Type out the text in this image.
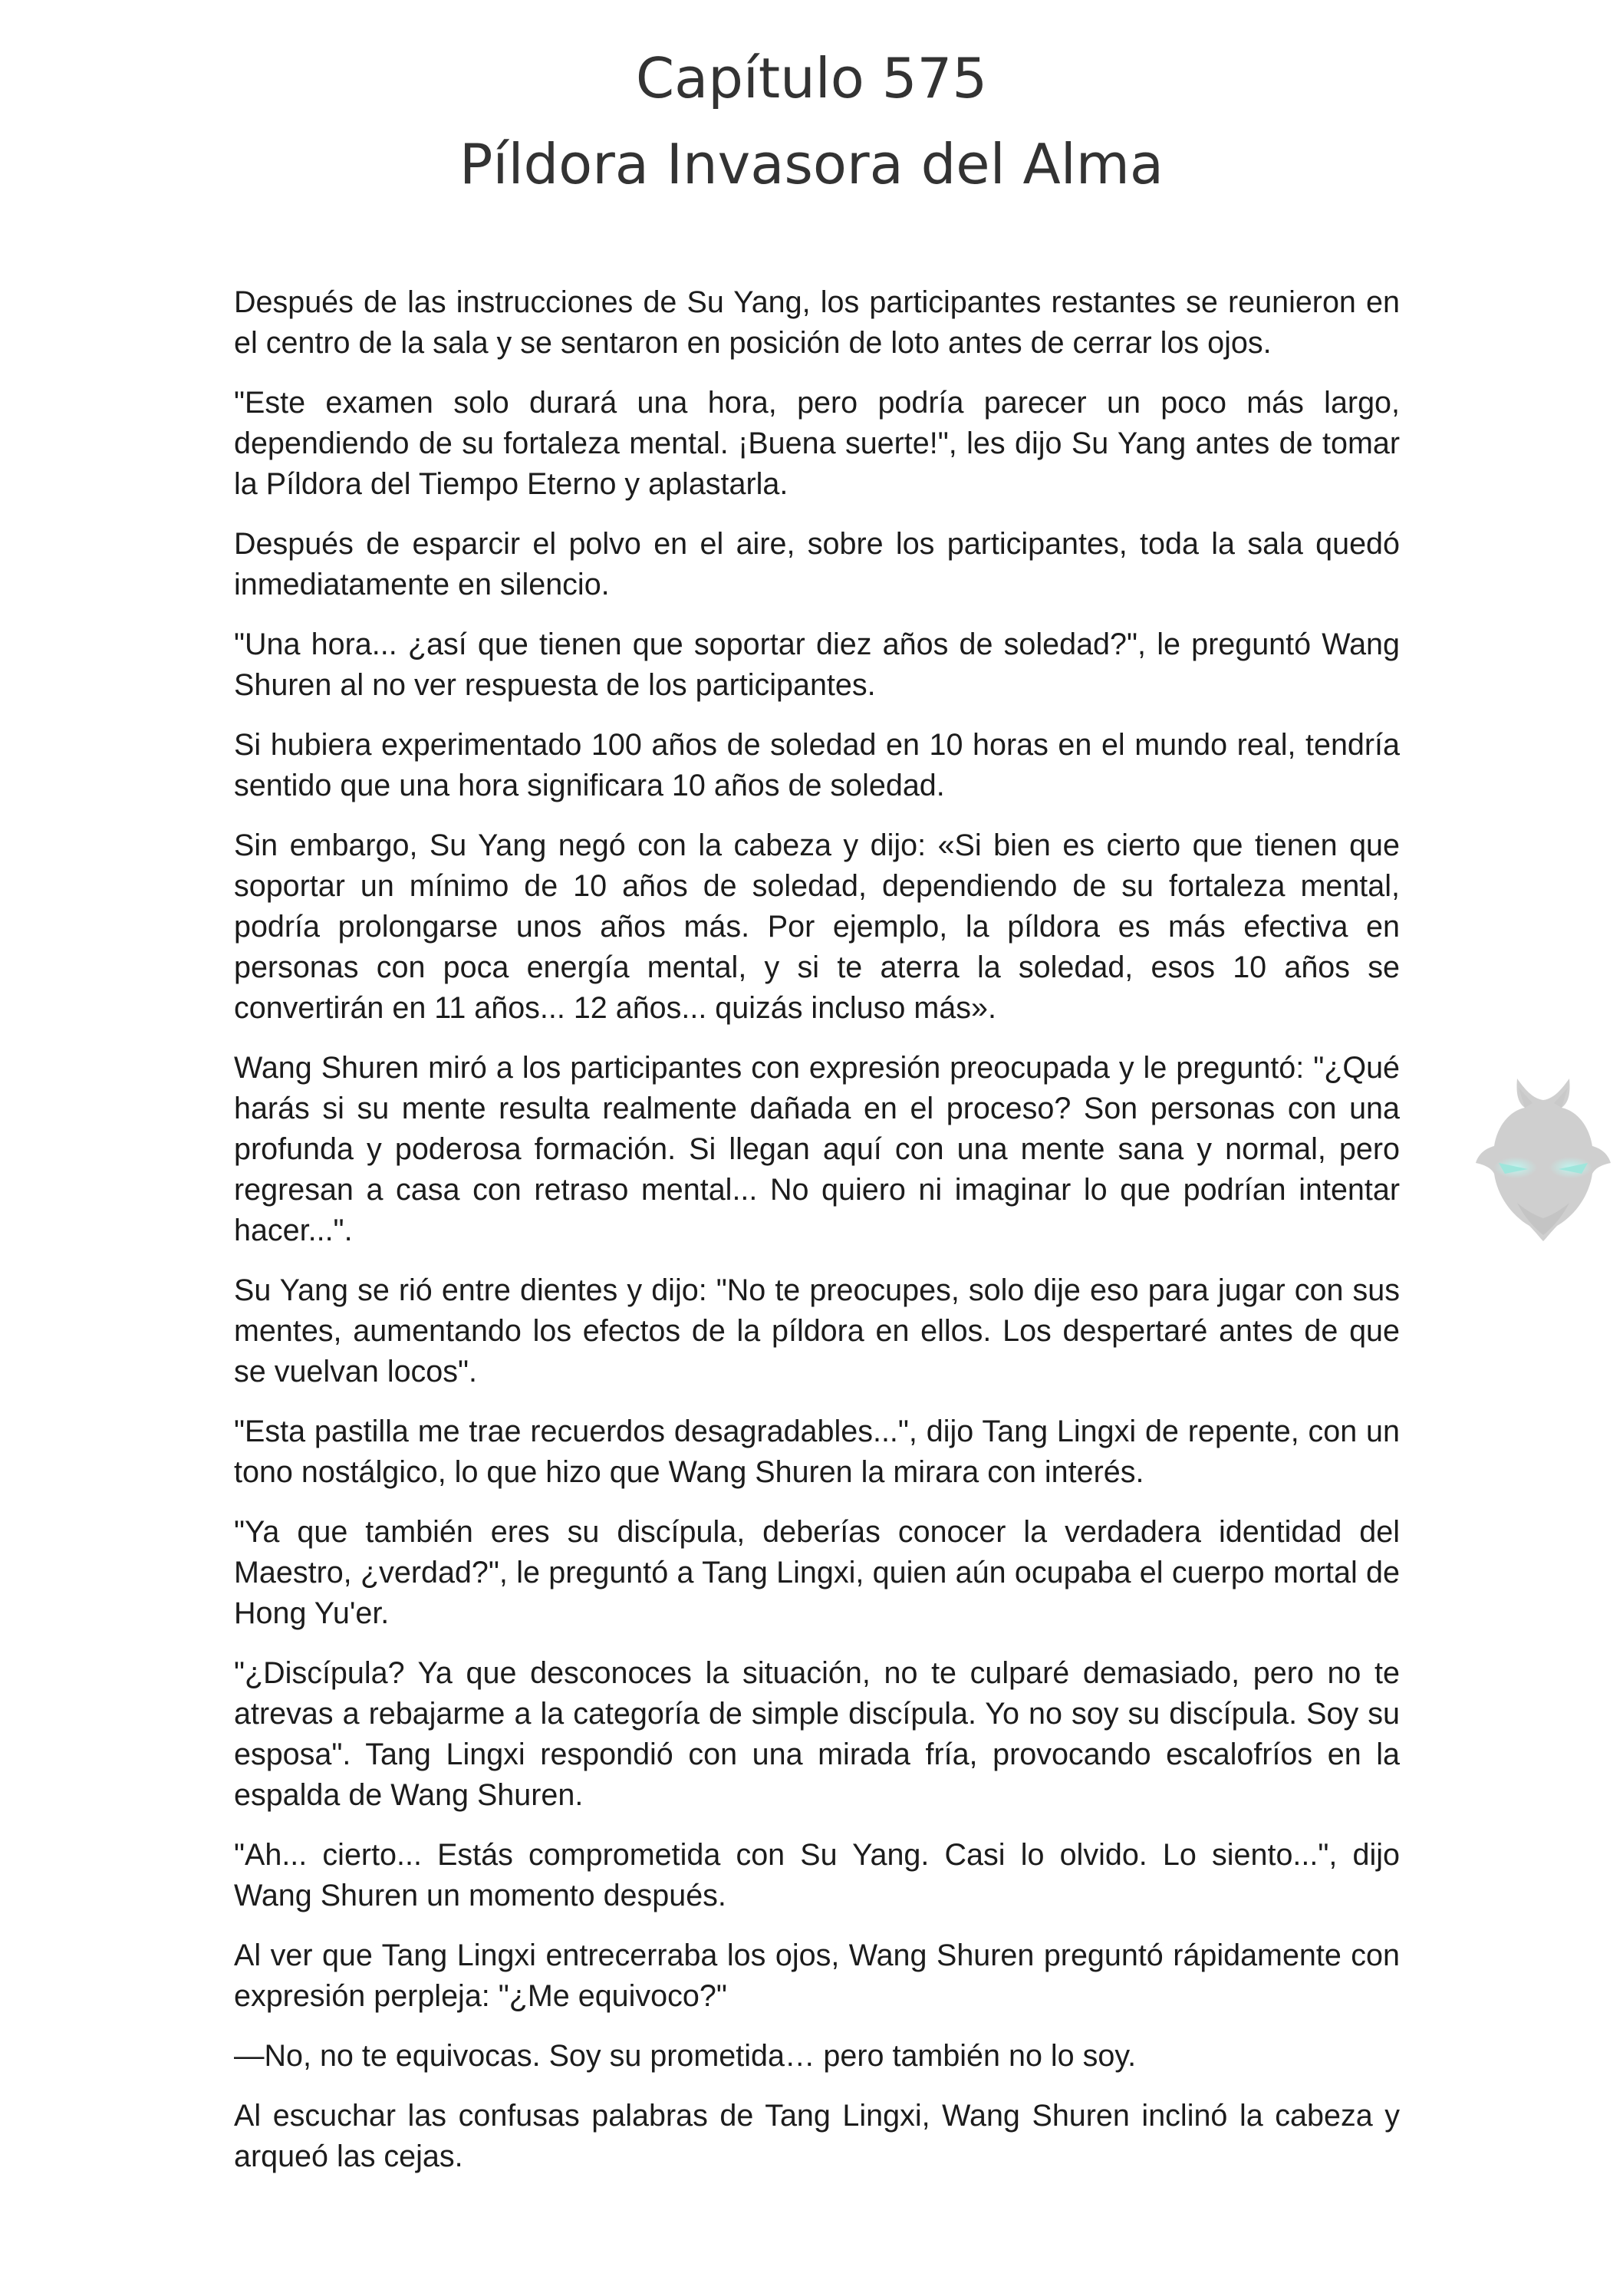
Capítulo 575
Píldora Invasora del Alma

Después de las instrucciones de Su Yang, los participantes restantes se reunieron en el centro de la sala y se sentaron en posición de loto antes de cerrar los ojos.

"Este examen solo durará una hora, pero podría parecer un poco más largo, dependiendo de su fortaleza mental. ¡Buena suerte!", les dijo Su Yang antes de tomar la Píldora del Tiempo Eterno y aplastarla.

Después de esparcir el polvo en el aire, sobre los participantes, toda la sala quedó inmediatamente en silencio.

"Una hora... ¿así que tienen que soportar diez años de soledad?", le preguntó Wang Shuren al no ver respuesta de los participantes.

Si hubiera experimentado 100 años de soledad en 10 horas en el mundo real, tendría sentido que una hora significara 10 años de soledad.

Sin embargo, Su Yang negó con la cabeza y dijo: «Si bien es cierto que tienen que soportar un mínimo de 10 años de soledad, dependiendo de su fortaleza mental, podría prolongarse unos años más. Por ejemplo, la píldora es más efectiva en personas con poca energía mental, y si te aterra la soledad, esos 10 años se convertirán en 11 años... 12 años... quizás incluso más».

Wang Shuren miró a los participantes con expresión preocupada y le preguntó: "¿Qué harás si su mente resulta realmente dañada en el proceso? Son personas con una profunda y poderosa formación. Si llegan aquí con una mente sana y normal, pero regresan a casa con retraso mental... No quiero ni imaginar lo que podrían intentar hacer...".

Su Yang se rió entre dientes y dijo: "No te preocupes, solo dije eso para jugar con sus mentes, aumentando los efectos de la píldora en ellos. Los despertaré antes de que se vuelvan locos".

"Esta pastilla me trae recuerdos desagradables...", dijo Tang Lingxi de repente, con un tono nostálgico, lo que hizo que Wang Shuren la mirara con interés.

"Ya que también eres su discípula, deberías conocer la verdadera identidad del Maestro, ¿verdad?", le preguntó a Tang Lingxi, quien aún ocupaba el cuerpo mortal de Hong Yu'er.

"¿Discípula? Ya que desconoces la situación, no te culparé demasiado, pero no te atrevas a rebajarme a la categoría de simple discípula. Yo no soy su discípula. Soy su esposa". Tang Lingxi respondió con una mirada fría, provocando escalofríos en la espalda de Wang Shuren.

"Ah... cierto... Estás comprometida con Su Yang. Casi lo olvido. Lo siento...", dijo Wang Shuren un momento después.

Al ver que Tang Lingxi entrecerraba los ojos, Wang Shuren preguntó rápidamente con expresión perpleja: "¿Me equivoco?"

—No, no te equivocas. Soy su prometida… pero también no lo soy.

Al escuchar las confusas palabras de Tang Lingxi, Wang Shuren inclinó la cabeza y arqueó las cejas.
